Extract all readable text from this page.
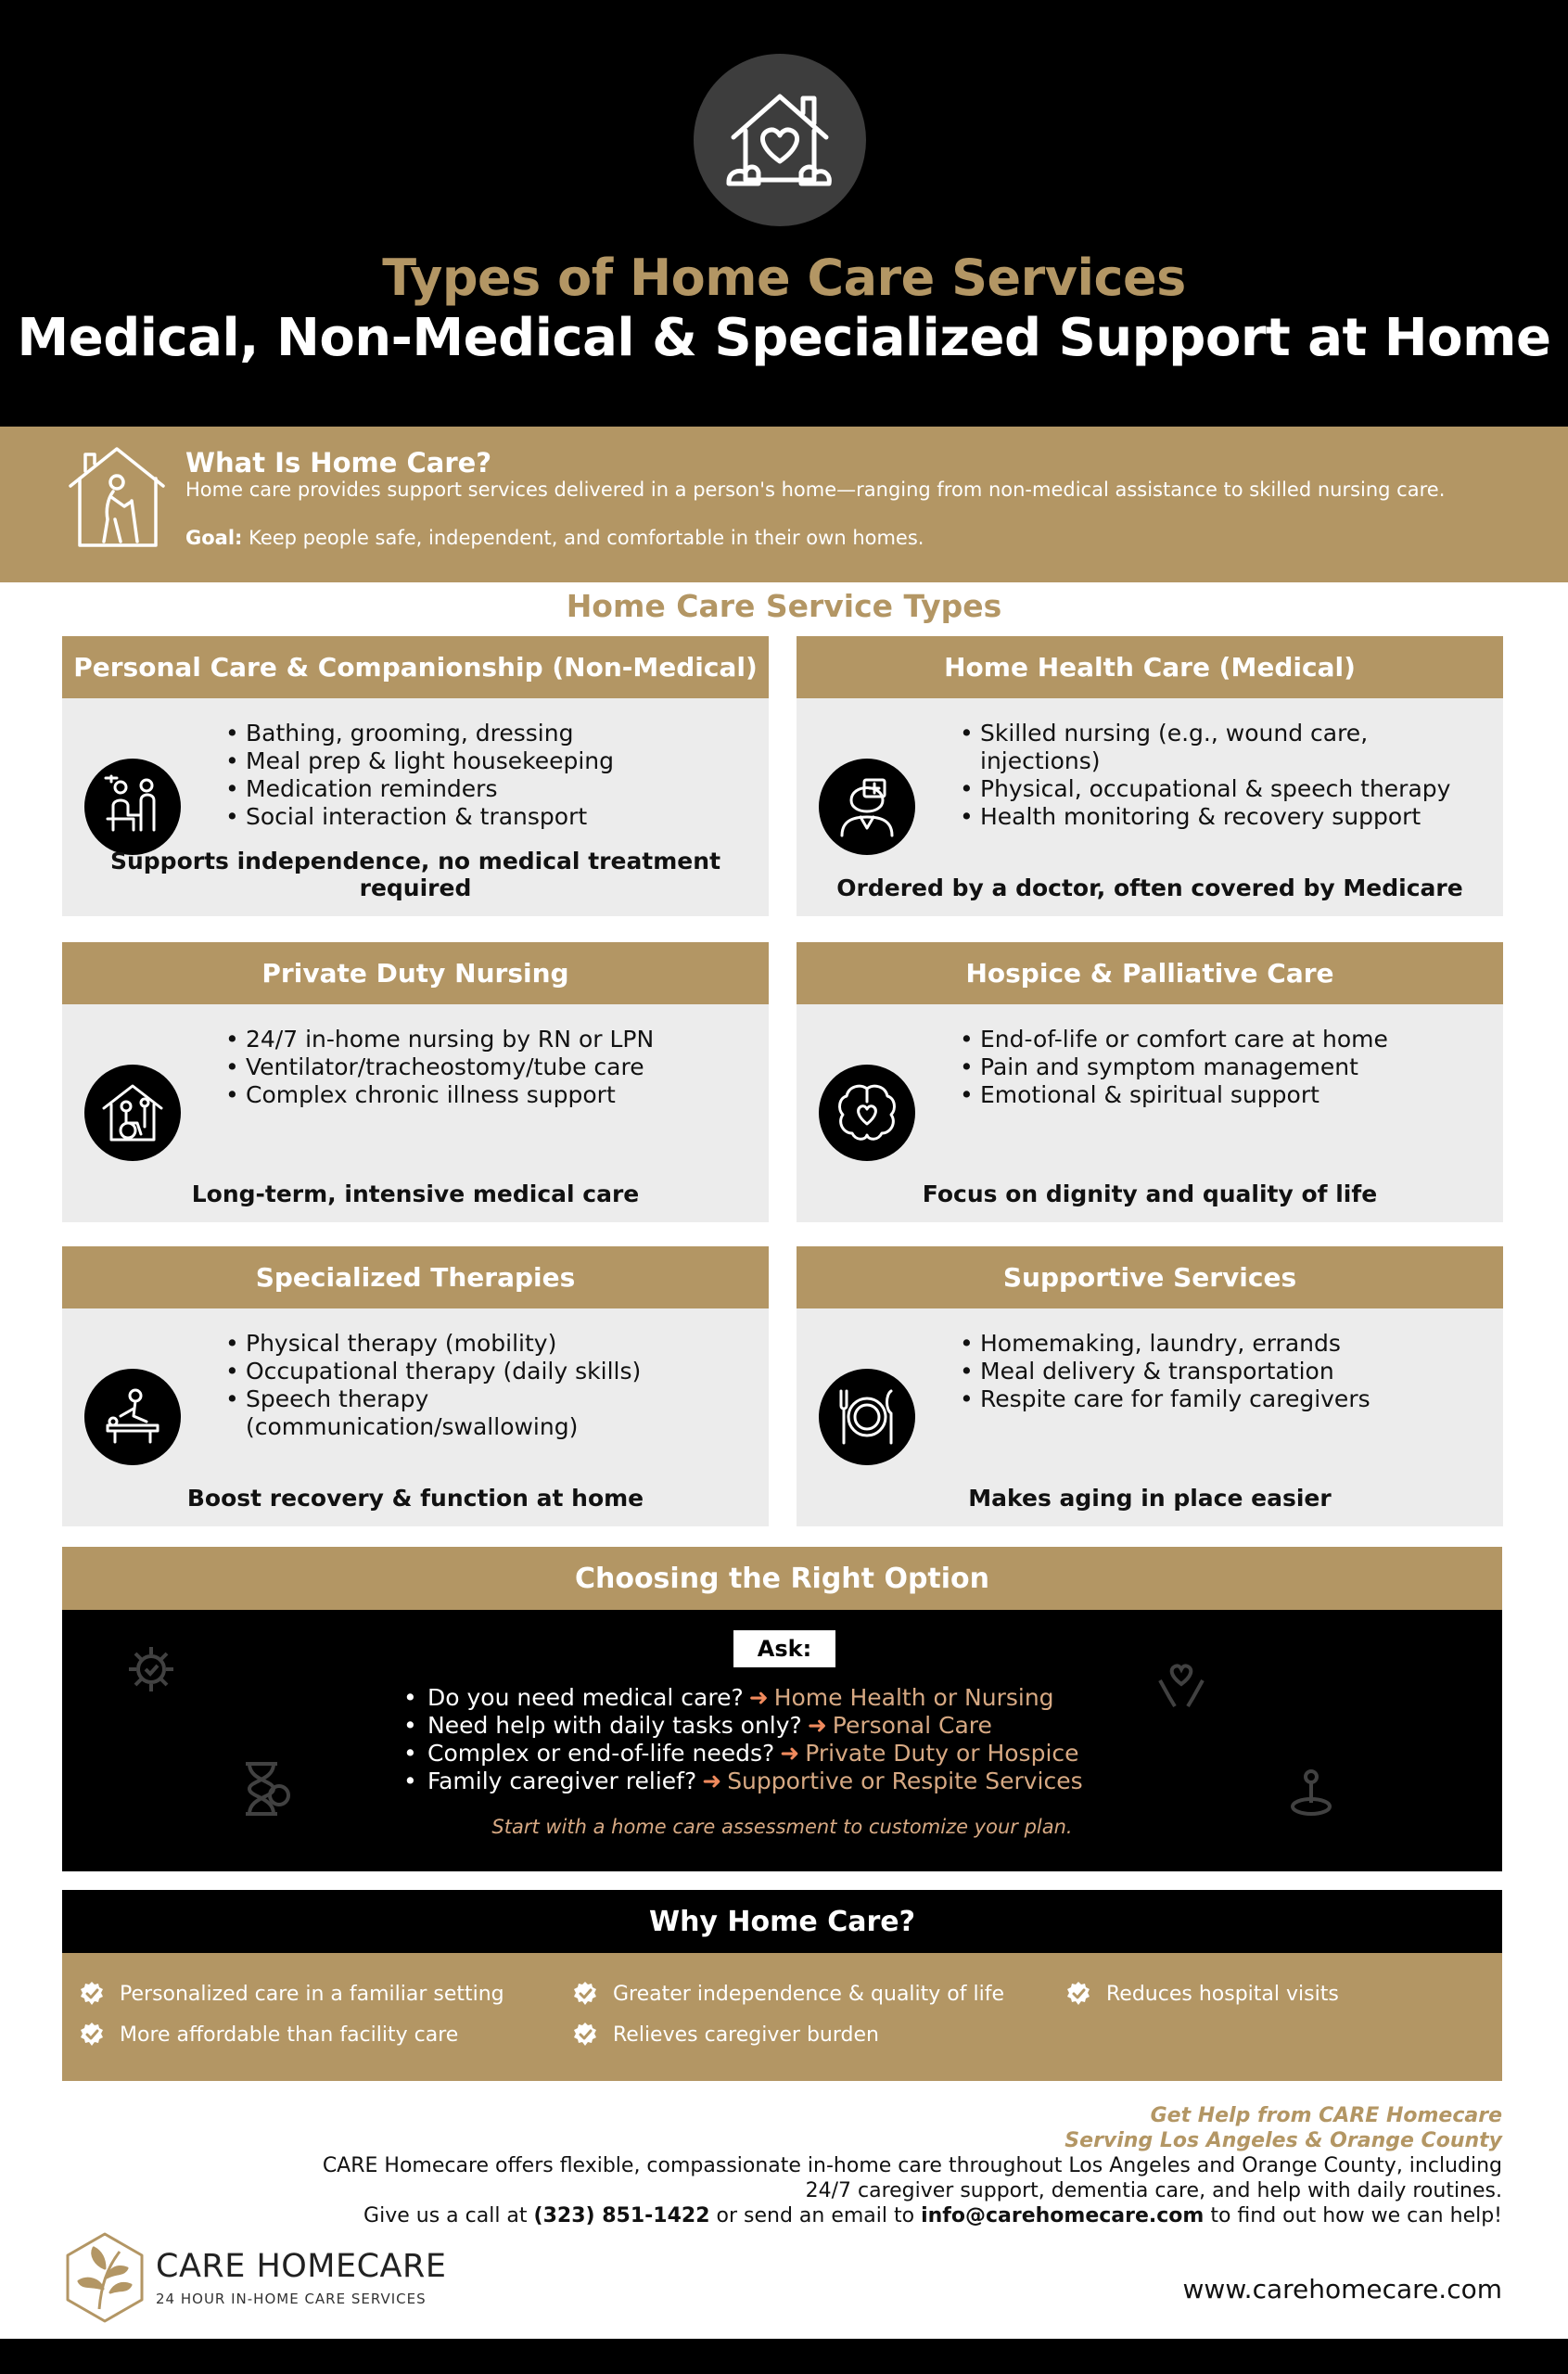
Types of Home Care Services
Medical, Non-Medical & Specialized Support at Home
What Is Home Care?
Home care provides support services delivered in a person's home—ranging from non-medical assistance to skilled nursing care.
Goal: Keep people safe, independent, and comfortable in their own homes.
Home Care Service Types
Personal Care & Companionship (Non-Medical)
• Bathing, grooming, dressing
• Meal prep & light housekeeping
• Medication reminders
• Social interaction & transport
Supports independence, no medical treatment required
Home Health Care (Medical)
• Skilled nursing (e.g., wound care, injections)
• Physical, occupational & speech therapy
• Health monitoring & recovery support
Ordered by a doctor, often covered by Medicare
Private Duty Nursing
• 24/7 in-home nursing by RN or LPN
• Ventilator/tracheostomy/tube care
• Complex chronic illness support
Long-term, intensive medical care
Hospice & Palliative Care
• End-of-life or comfort care at home
• Pain and symptom management
• Emotional & spiritual support
Focus on dignity and quality of life
Specialized Therapies
• Physical therapy (mobility)
• Occupational therapy (daily skills)
• Speech therapy (communication/swallowing)
Boost recovery & function at home
Supportive Services
• Homemaking, laundry, errands
• Meal delivery & transportation
• Respite care for family caregivers
Makes aging in place easier
Choosing the Right Option
Ask:
• Do you need medical care? ➜ Home Health or Nursing
• Need help with daily tasks only? ➜ Personal Care
• Complex or end-of-life needs? ➜ Private Duty or Hospice
• Family caregiver relief? ➜ Supportive or Respite Services
Start with a home care assessment to customize your plan.
Why Home Care?
Personalized care in a familiar setting	Greater independence & quality of life	Reduces hospital visits
More affordable than facility care	Relieves caregiver burden
Get Help from CARE Homecare
Serving Los Angeles & Orange County
CARE Homecare offers flexible, compassionate in-home care throughout Los Angeles and Orange County, including
24/7 caregiver support, dementia care, and help with daily routines.
Give us a call at (323) 851-1422 or send an email to info@carehomecare.com to find out how we can help!
CARE HOMECARE
24 HOUR IN-HOME CARE SERVICES	www.carehomecare.com
